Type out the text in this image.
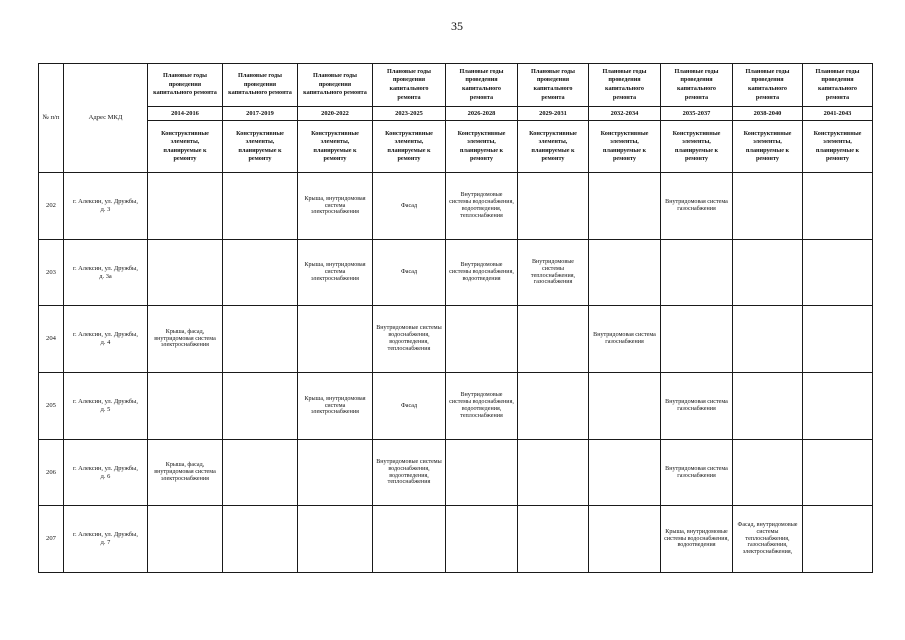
35
№ п/п	Адрес МКД	Плановые годы проведения капитального ремонта	Плановые годы проведения капитального ремонта	Плановые годы проведения капитального ремонта	Плановые годы проведения капитального ремонта	Плановые годы проведения капитального ремонта	Плановые годы проведения капитального ремонта	Плановые годы проведения капитального ремонта	Плановые годы проведения капитального ремонта	Плановые годы проведения капитального ремонта	Плановые годы проведения капитального ремонта
		2014-2016	2017-2019	2020-2022	2023-2025	2026-2028	2029-2031	2032-2034	2035-2037	2038-2040	2041-2043
		Конструктивные элементы, планируемые к ремонту	Конструктивные элементы, планируемые к ремонту	Конструктивные элементы, планируемые к ремонту	Конструктивные элементы, планируемые к ремонту	Конструктивные элементы, планируемые к ремонту	Конструктивные элементы, планируемые к ремонту	Конструктивные элементы, планируемые к ремонту	Конструктивные элементы, планируемые к ремонту	Конструктивные элементы, планируемые к ремонту	Конструктивные элементы, планируемые к ремонту
202	г. Алексин, ул. Дружбы, д. 3			Крыша, внутридомовая система электроснабжения	Фасад	Внутридомовые системы водоснабжения, водоотведения, теплоснабжения			Внутридомовая система газоснабжения		
203	г. Алексин, ул. Дружбы, д. 3а			Крыша, внутридомовая система электроснабжения	Фасад	Внутридомовые системы водоснабжения, водоотведения	Внутридомовые системы теплоснабжения, газоснабжения				
204	г. Алексин, ул. Дружбы, д. 4	Крыша, фасад, внутридомовая система электроснабжения			Внутридомовые системы водоснабжения, водоотведения, теплоснабжения			Внутридомовая система газоснабжения			
205	г. Алексин, ул. Дружбы, д. 5			Крыша, внутридомовая система электроснабжения	Фасад	Внутридомовые системы водоснабжения, водоотведения, теплоснабжения			Внутридомовая система газоснабжения		
206	г. Алексин, ул. Дружбы, д. 6	Крыша, фасад, внутридомовая система электроснабжения			Внутридомовые системы водоснабжения, водоотведения, теплоснабжения				Внутридомовая система газоснабжения		
207	г. Алексин, ул. Дружбы, д. 7								Крыша, внутридомовые системы водоснабжения, водоотведения	Фасад, внутридомовые системы теплоснабжения, газоснабжения, электроснабжения,	
